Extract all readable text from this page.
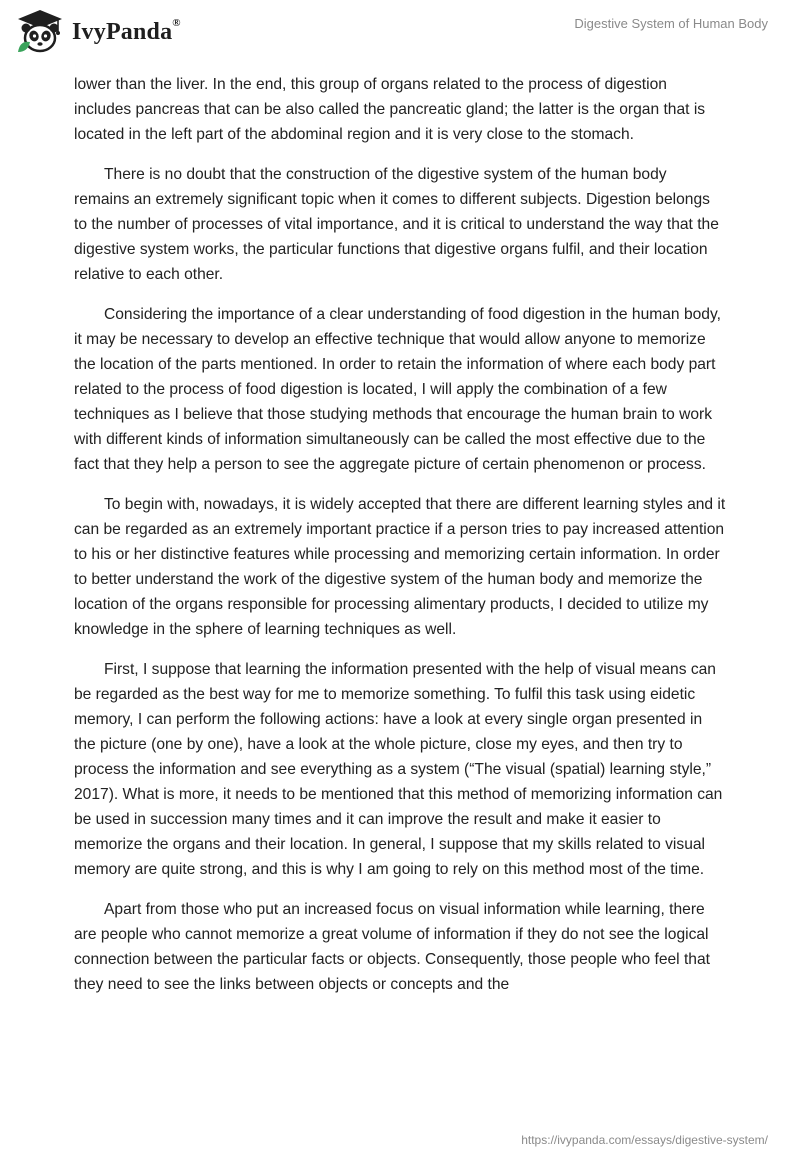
IvyPanda®	Digestive System of Human Body

lower than the liver. In the end, this group of organs related to the process of digestion includes pancreas that can be also called the pancreatic gland; the latter is the organ that is located in the left part of the abdominal region and it is very close to the stomach.

There is no doubt that the construction of the digestive system of the human body remains an extremely significant topic when it comes to different subjects. Digestion belongs to the number of processes of vital importance, and it is critical to understand the way that the digestive system works, the particular functions that digestive organs fulfil, and their location relative to each other.

Considering the importance of a clear understanding of food digestion in the human body, it may be necessary to develop an effective technique that would allow anyone to memorize the location of the parts mentioned. In order to retain the information of where each body part related to the process of food digestion is located, I will apply the combination of a few techniques as I believe that those studying methods that encourage the human brain to work with different kinds of information simultaneously can be called the most effective due to the fact that they help a person to see the aggregate picture of certain phenomenon or process.

To begin with, nowadays, it is widely accepted that there are different learning styles and it can be regarded as an extremely important practice if a person tries to pay increased attention to his or her distinctive features while processing and memorizing certain information. In order to better understand the work of the digestive system of the human body and memorize the location of the organs responsible for processing alimentary products, I decided to utilize my knowledge in the sphere of learning techniques as well.

First, I suppose that learning the information presented with the help of visual means can be regarded as the best way for me to memorize something. To fulfil this task using eidetic memory, I can perform the following actions: have a look at every single organ presented in the picture (one by one), have a look at the whole picture, close my eyes, and then try to process the information and see everything as a system (“The visual (spatial) learning style,” 2017). What is more, it needs to be mentioned that this method of memorizing information can be used in succession many times and it can improve the result and make it easier to memorize the organs and their location. In general, I suppose that my skills related to visual memory are quite strong, and this is why I am going to rely on this method most of the time.

Apart from those who put an increased focus on visual information while learning, there are people who cannot memorize a great volume of information if they do not see the logical connection between the particular facts or objects. Consequently, those people who feel that they need to see the links between objects or concepts and the

https://ivypanda.com/essays/digestive-system/
